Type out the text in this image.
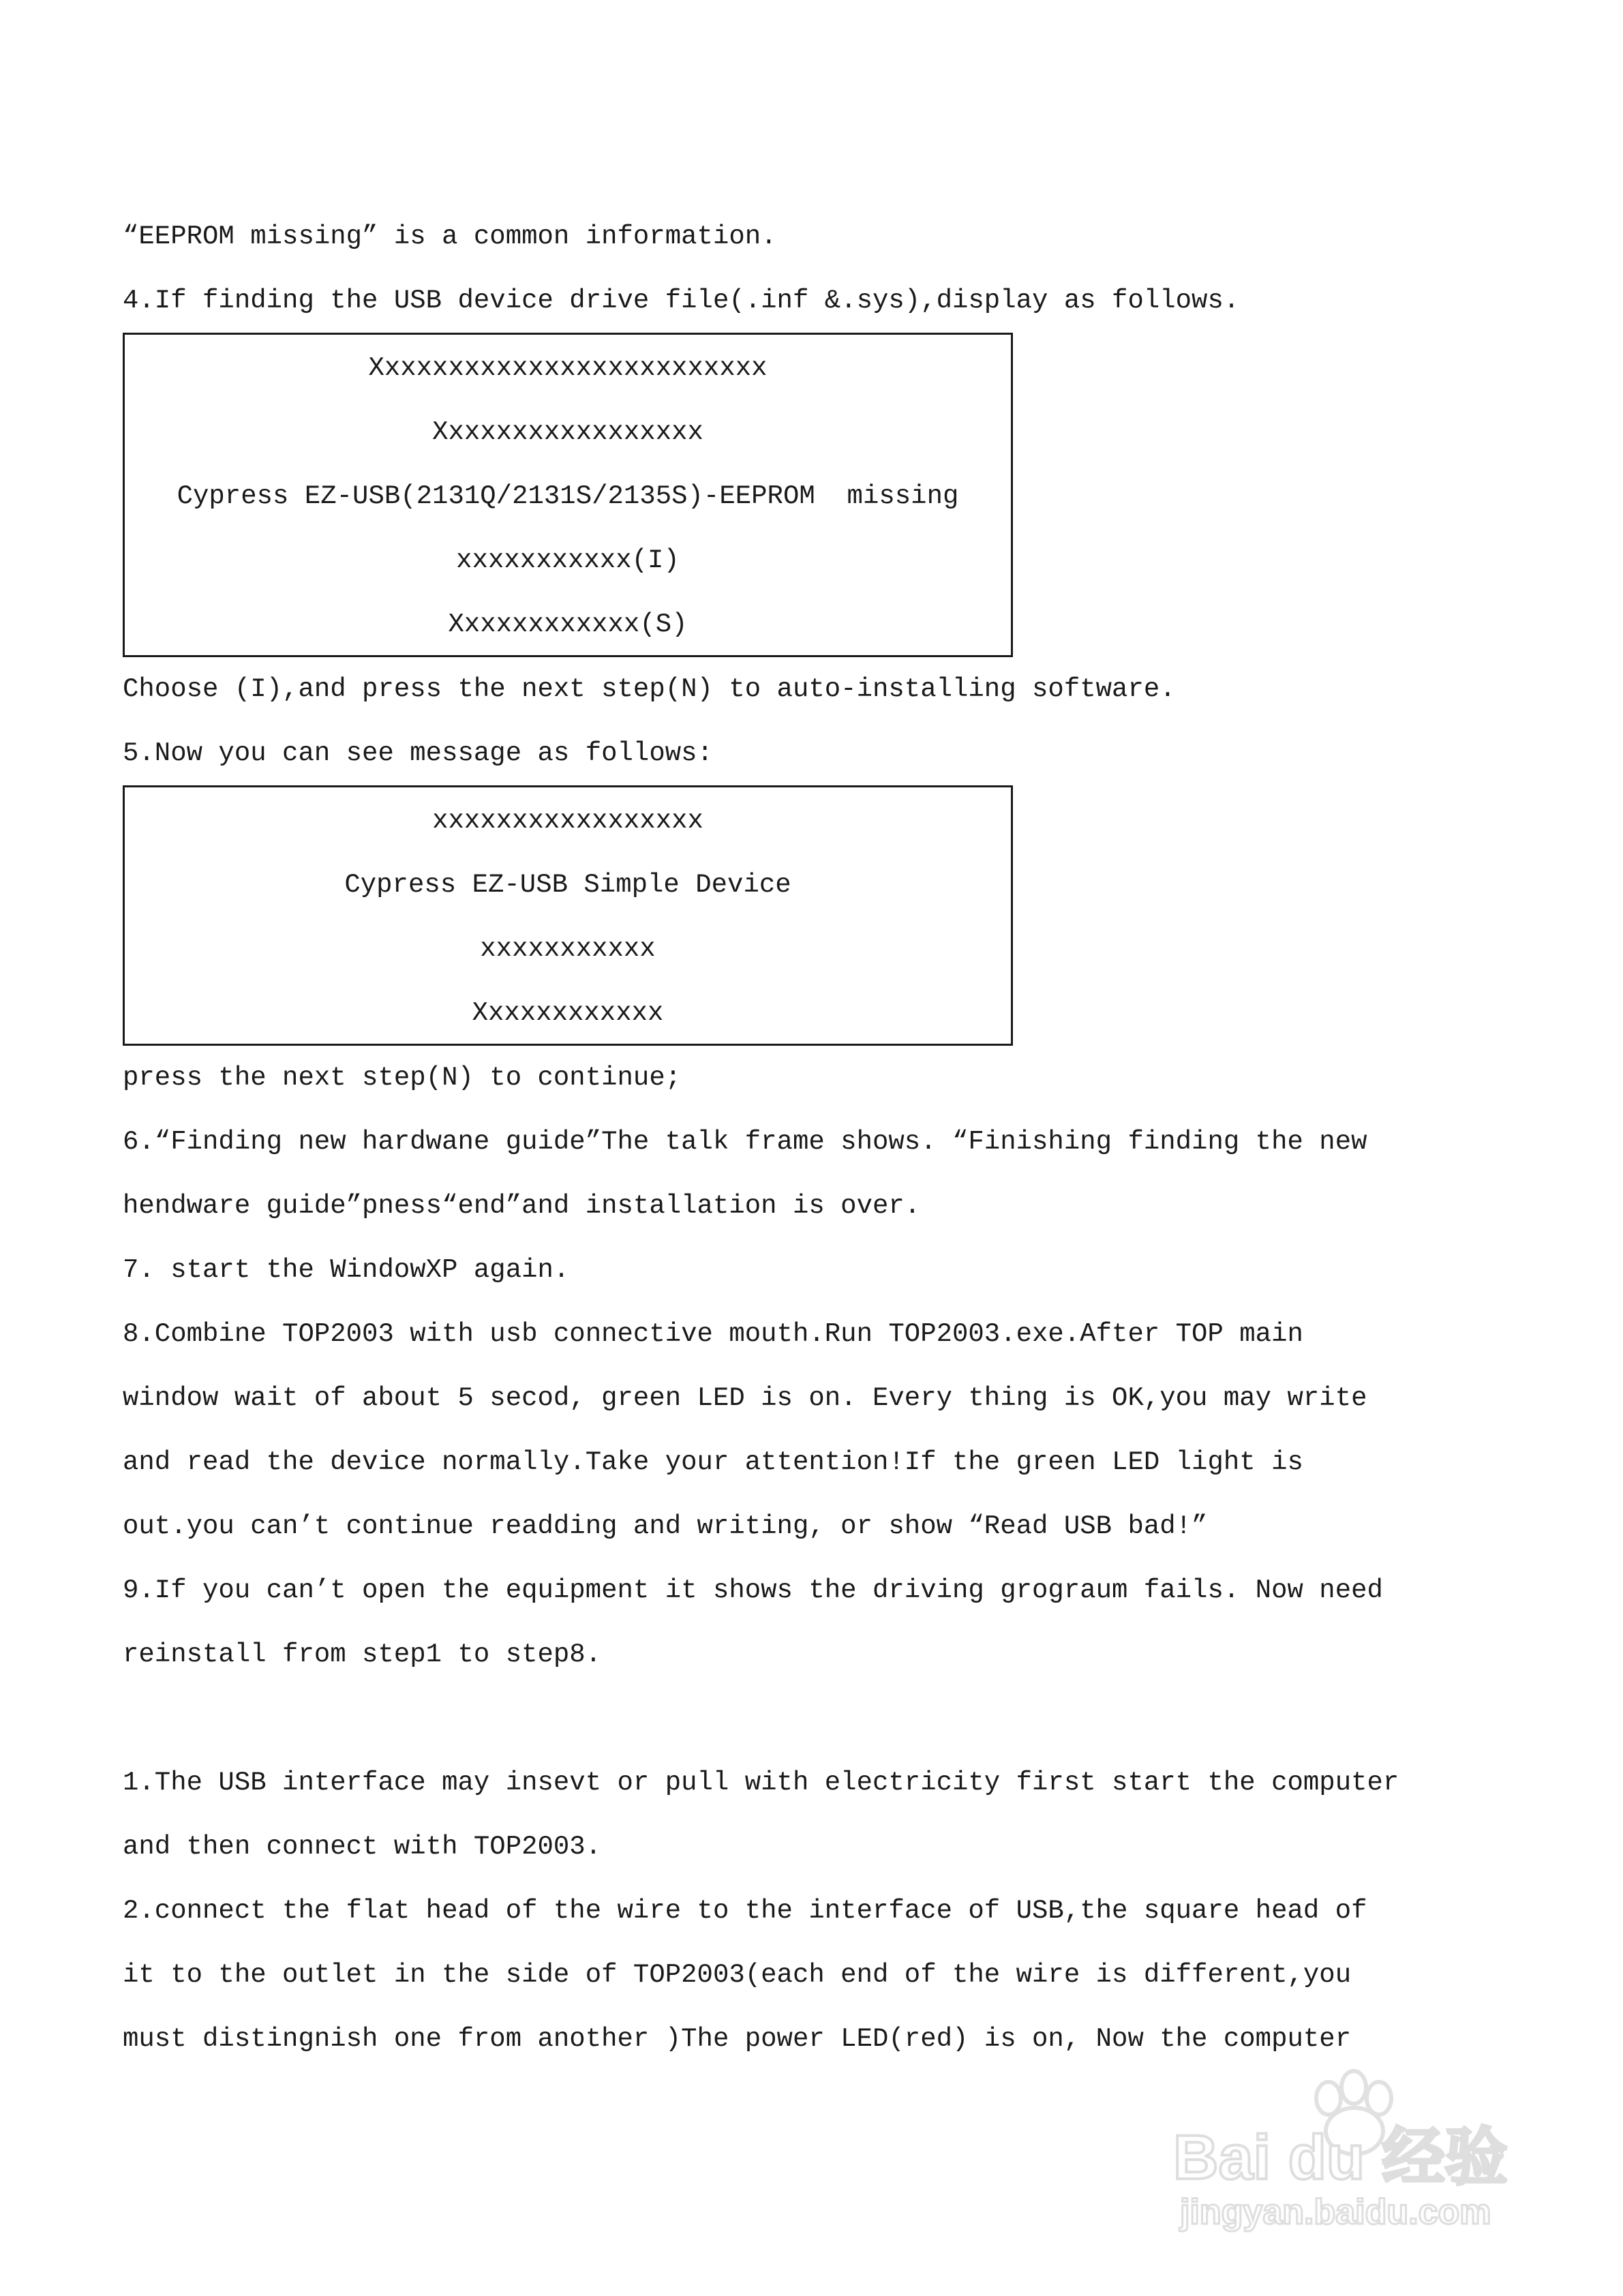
“EEPROM missing” is a common information.
4.If finding the USB device drive file(.inf &.sys),display as follows.
Xxxxxxxxxxxxxxxxxxxxxxxxx
Xxxxxxxxxxxxxxxxx
Cypress EZ-USB(2131Q/2131S/2135S)-EEPROM  missing
xxxxxxxxxxx(I)
Xxxxxxxxxxxx(S)
Choose (I),and press the next step(N) to auto-installing software.
5.Now you can see message as follows:
xxxxxxxxxxxxxxxxx
Cypress EZ-USB Simple Device
xxxxxxxxxxx
Xxxxxxxxxxxx
press the next step(N) to continue;
6.“Finding new hardwane guide”The talk frame shows. “Finishing finding the new
hendware guide”pness“end”and installation is over.
7. start the WindowXP again.
8.Combine TOP2003 with usb connective mouth.Run TOP2003.exe.After TOP main
window wait of about 5 secod, green LED is on. Every thing is OK,you may write
and read the device normally.Take your attention!If the green LED light is
out.you can’t continue readding and writing, or show “Read USB bad!”
9.If you can’t open the equipment it shows the driving grograum fails. Now need
reinstall from step1 to step8.

1.The USB interface may insevt or pull with electricity first start the computer
and then connect with TOP2003.
2.connect the flat head of the wire to the interface of USB,the square head of
it to the outlet in the side of TOP2003(each end of the wire is different,you
must distingnish one from another )The power LED(red) is on, Now the computer
Bai du 经验
jingyan.baidu.com
